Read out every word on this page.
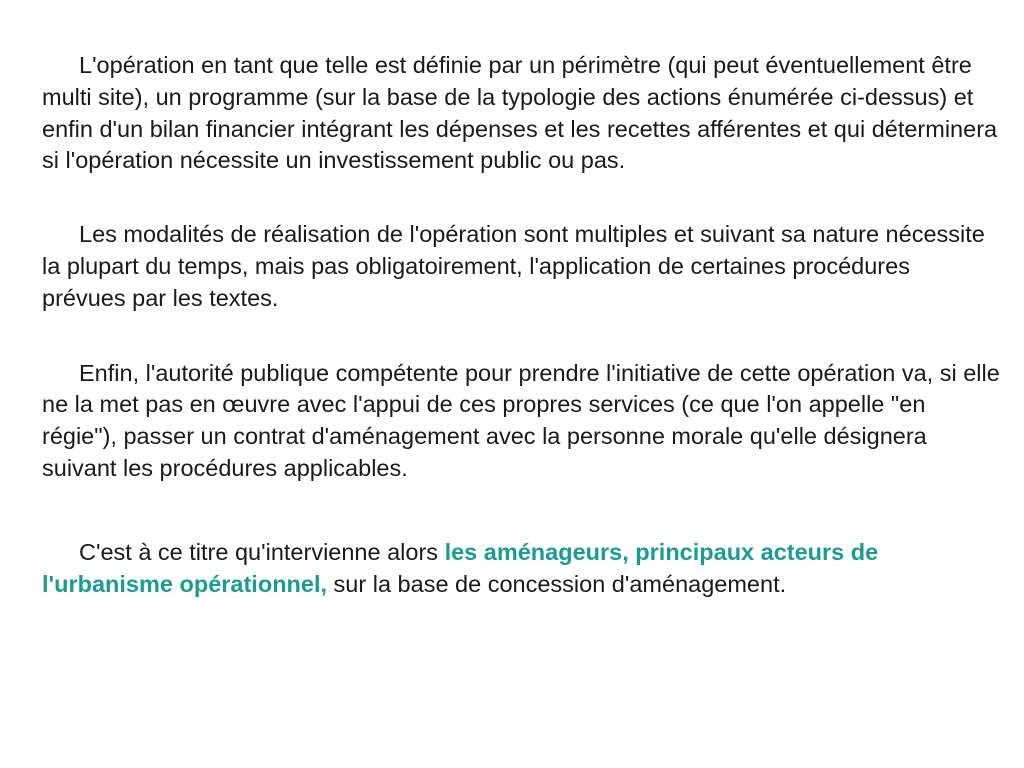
L'opération en tant que telle est définie par un périmètre (qui peut éventuellement être multi site), un programme (sur la base de la typologie des actions énumérée ci-dessus) et enfin d'un bilan financier intégrant les dépenses et les recettes afférentes et qui déterminera si l'opération nécessite un investissement public ou pas.

Les modalités de réalisation de l'opération sont multiples et suivant sa nature nécessite la plupart du temps, mais pas obligatoirement, l'application de certaines procédures prévues par les textes.

Enfin, l'autorité publique compétente pour prendre l'initiative de cette opération va, si elle ne la met pas en œuvre avec l'appui de ces propres services (ce que l'on appelle "en régie"), passer un contrat d'aménagement avec la personne morale qu'elle désignera suivant les procédures applicables.

C'est à ce titre qu'intervienne alors les aménageurs, principaux acteurs de l'urbanisme opérationnel, sur la base de concession d'aménagement.
